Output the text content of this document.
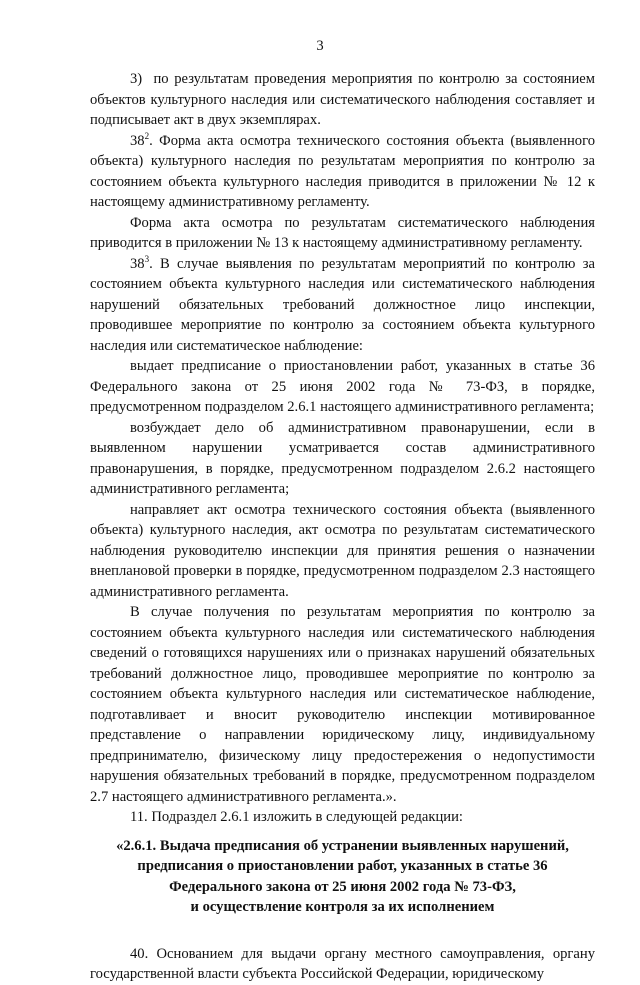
3

3)  по результатам проведения мероприятия по контролю за состоянием объектов культурного наследия или систематического наблюдения составляет и подписывает акт в двух экземплярах.

$38^2$. Форма акта осмотра технического состояния объекта (выявленного объекта) культурного наследия по результатам мероприятия по контролю за состоянием объекта культурного наследия приводится в приложении № 12 к настоящему административному регламенту.

Форма акта осмотра по результатам систематического наблюдения приводится в приложении № 13 к настоящему административному регламенту.

$38^3$. В случае выявления по результатам мероприятий по контролю за состоянием объекта культурного наследия или систематического наблюдения нарушений обязательных требований должностное лицо инспекции, проводившее мероприятие по контролю за состоянием объекта культурного наследия или систематическое наблюдение:

выдает предписание о приостановлении работ, указанных в статье 36 Федерального закона от 25 июня 2002 года № 73-ФЗ, в порядке, предусмотренном подразделом 2.6.1 настоящего административного регламента;

возбуждает дело об административном правонарушении, если в выявленном нарушении усматривается состав административного правонарушения, в порядке, предусмотренном подразделом 2.6.2 настоящего административного регламента;

направляет акт осмотра технического состояния объекта (выявленного объекта) культурного наследия, акт осмотра по результатам систематического наблюдения руководителю инспекции для принятия решения о назначении внеплановой проверки в порядке, предусмотренном подразделом 2.3 настоящего административного регламента.

В случае получения по результатам мероприятия по контролю за состоянием объекта культурного наследия или систематического наблюдения сведений о готовящихся нарушениях или о признаках нарушений обязательных требований должностное лицо, проводившее мероприятие по контролю за состоянием объекта культурного наследия или систематическое наблюдение, подготавливает и вносит руководителю инспекции мотивированное представление о направлении юридическому лицу, индивидуальному предпринимателю, физическому лицу предостережения о недопустимости нарушения обязательных требований в порядке, предусмотренном подразделом 2.7 настоящего административного регламента.».

11. Подраздел 2.6.1 изложить в следующей редакции:

«2.6.1. Выдача предписания об устранении выявленных нарушений,
предписания о приостановлении работ, указанных в статье 36
Федерального закона от 25 июня 2002 года № 73-ФЗ,
и осуществление контроля за их исполнением

40. Основанием для выдачи органу местного самоуправления, органу государственной власти субъекта Российской Федерации, юридическому
